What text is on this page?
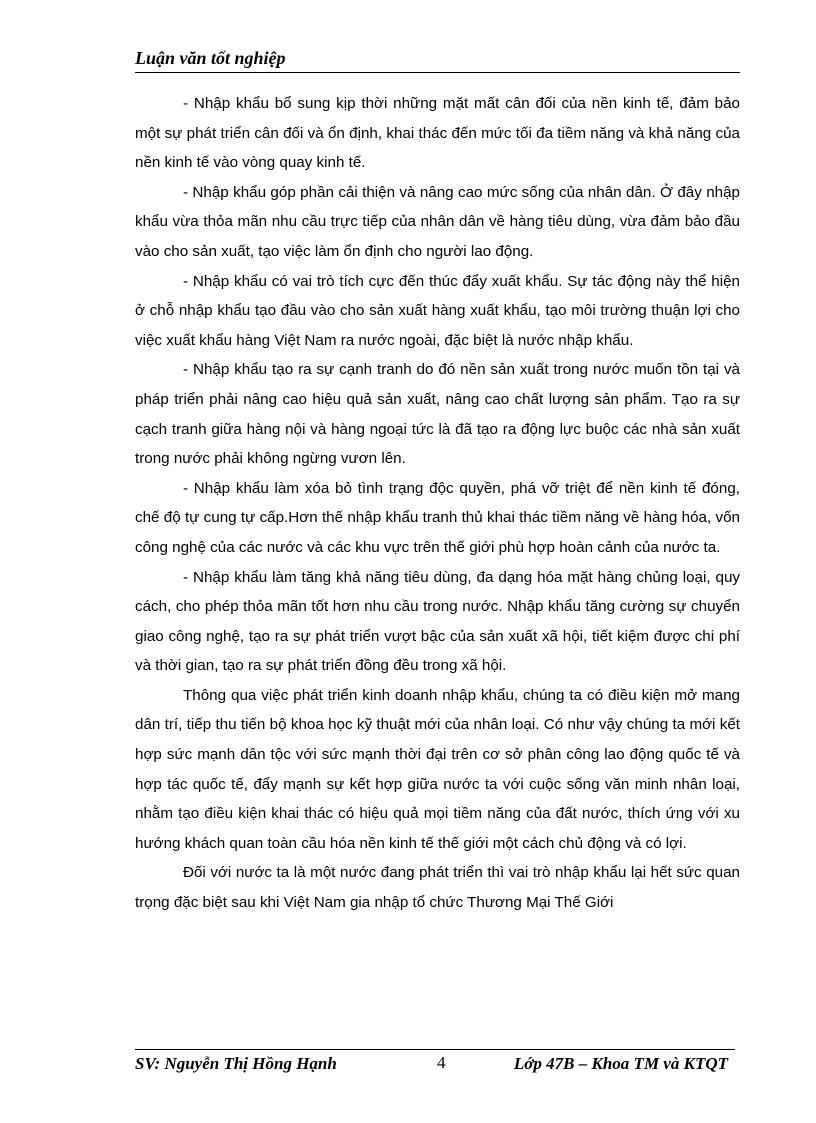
Luận văn tốt nghiệp

- Nhập khẩu bổ sung kịp thời những mặt mất cân đối của nền kinh tế, đảm bảo một sự phát triển cân đối và ổn định, khai thác đến mức tối đa tiềm năng và khả năng của nền kinh tế vào vòng quay kinh tế.

- Nhập khẩu góp phần cải thiện và nâng cao mức sống của nhân dân. Ở đây nhập khẩu vừa thỏa mãn nhu cầu trực tiếp của nhân dân về hàng tiêu dùng, vừa đảm bảo đầu vào cho sản xuất, tạo việc làm ổn định cho người lao động.

- Nhập khẩu có vai trò tích cực đến thúc đẩy xuất khẩu. Sự tác động này thể hiện ở chỗ nhập khẩu tạo đầu vào cho sản xuất hàng xuất khẩu, tạo môi trường thuận lợi cho việc xuất khẩu hàng Việt Nam ra nước ngoài, đặc biệt là nước nhập khẩu.

- Nhập khẩu tạo ra sự cạnh tranh do đó nền sản xuất trong nước muốn tồn tại và pháp triển phải nâng cao hiệu quả sản xuất, nâng cao chất lượng sản phẩm. Tạo ra sự cạch tranh giữa hàng nội và hàng ngoại tức là đã tạo ra động lực buộc các nhà sản xuất trong nước phải không ngừng vươn lên.

- Nhập khẩu làm xóa bỏ tình trạng độc quyền, phá vỡ triệt để nền kinh tế đóng, chế độ tự cung tự cấp.Hơn thế nhập khẩu tranh thủ khai thác tiềm năng về hàng hóa, vốn công nghệ của các nước và các khu vực trên thế giới phù hợp hoàn cảnh của nước ta.

- Nhập khẩu làm tăng khả năng tiêu dùng, đa dạng hóa mặt hàng chủng loại, quy cách, cho phép thỏa mãn tốt hơn nhu cầu trong nước. Nhập khẩu tăng cường sự chuyển giao công nghệ, tạo ra sự phát triển vượt bậc của sản xuất xã hội, tiết kiệm được chi phí và thời gian, tạo ra sự phát triển đồng đều trong xã hội.

Thông qua việc phát triển kinh doanh nhập khẩu, chúng ta có điều kiện mở mang dân trí, tiếp thu tiến bộ khoa học kỹ thuật mới của nhân loại. Có như vậy chúng ta mới kết hợp sức mạnh dân tộc với sức mạnh thời đại trên cơ sở phân công lao động quốc tế và hợp tác quốc tế, đẩy mạnh sự kết hợp giữa nước ta với cuộc sống văn minh nhân loại, nhằm tạo điều kiện khai thác có hiệu quả mọi tiềm năng của đất nước, thích ứng với xu hướng khách quan toàn cầu hóa nền kinh tế thế giới một cách chủ động và có lợi.

Đối với nước ta là một nước đang phát triển thì vai trò nhập khẩu lại hết sức quan trọng đặc biệt sau khi Việt Nam gia nhập tổ chức Thương Mại Thế Giới

SV: Nguyễn Thị Hồng Hạnh	4	Lớp 47B – Khoa TM và KTQT
